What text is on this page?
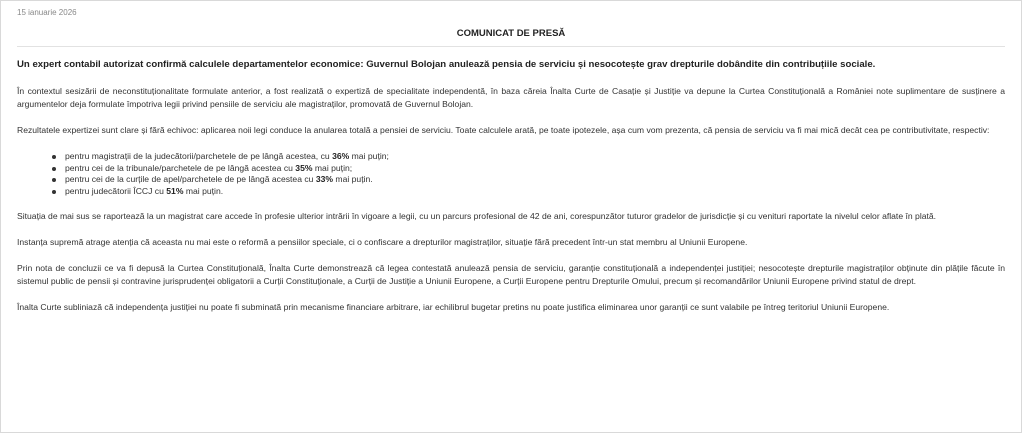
15 ianuarie 2026

COMUNICAT DE PRESĂ

Un expert contabil autorizat confirmă calculele departamentelor economice: Guvernul Bolojan anulează pensia de serviciu și nesocotește grav drepturile dobândite din contribuțiile sociale.

În contextul sesizării de neconstituționalitate formulate anterior, a fost realizată o expertiză de specialitate independentă, în baza căreia Înalta Curte de Casație și Justiție va depune la Curtea Constituțională a României note suplimentare de susținere a argumentelor deja formulate împotriva legii privind pensiile de serviciu ale magistraților, promovată de Guvernul Bolojan.

Rezultatele expertizei sunt clare și fără echivoc: aplicarea noii legi conduce la anularea totală a pensiei de serviciu. Toate calculele arată, pe toate ipotezele, așa cum vom prezenta, că pensia de serviciu va fi mai mică decât cea pe contributivitate, respectiv:

pentru magistrații de la judecătorii/parchetele de pe lângă acestea, cu 36% mai puțin;
pentru cei de la tribunale/parchetele de pe lângă acestea cu 35% mai puțin;
pentru cei de la curțile de apel/parchetele de pe lângă acestea cu 33% mai puțin.
pentru judecătorii ÎCCJ cu 51% mai puțin.

Situația de mai sus se raportează la un magistrat care accede în profesie ulterior intrării în vigoare a legii, cu un parcurs profesional de 42 de ani, corespunzător tuturor gradelor de jurisdicție și cu venituri raportate la nivelul celor aflate în plată.

Instanța supremă atrage atenția că aceasta nu mai este o reformă a pensiilor speciale, ci o confiscare a drepturilor magistraților, situație fără precedent într-un stat membru al Uniunii Europene.

Prin nota de concluzii ce va fi depusă la Curtea Constituțională, Înalta Curte demonstrează că legea contestată anulează pensia de serviciu, garanție constituțională a independenței justiției; nesocotește drepturile magistraților obținute din plățile făcute în sistemul public de pensii și contravine jurisprudenței obligatorii a Curții Constituționale, a Curții de Justiție a Uniunii Europene, a Curții Europene pentru Drepturile Omului, precum și recomandărilor Uniunii Europene privind statul de drept.

Înalta Curte subliniază că independența justiției nu poate fi subminată prin mecanisme financiare arbitrare, iar echilibrul bugetar pretins nu poate justifica eliminarea unor garanții ce sunt valabile pe întreg teritoriul Uniunii Europene.
